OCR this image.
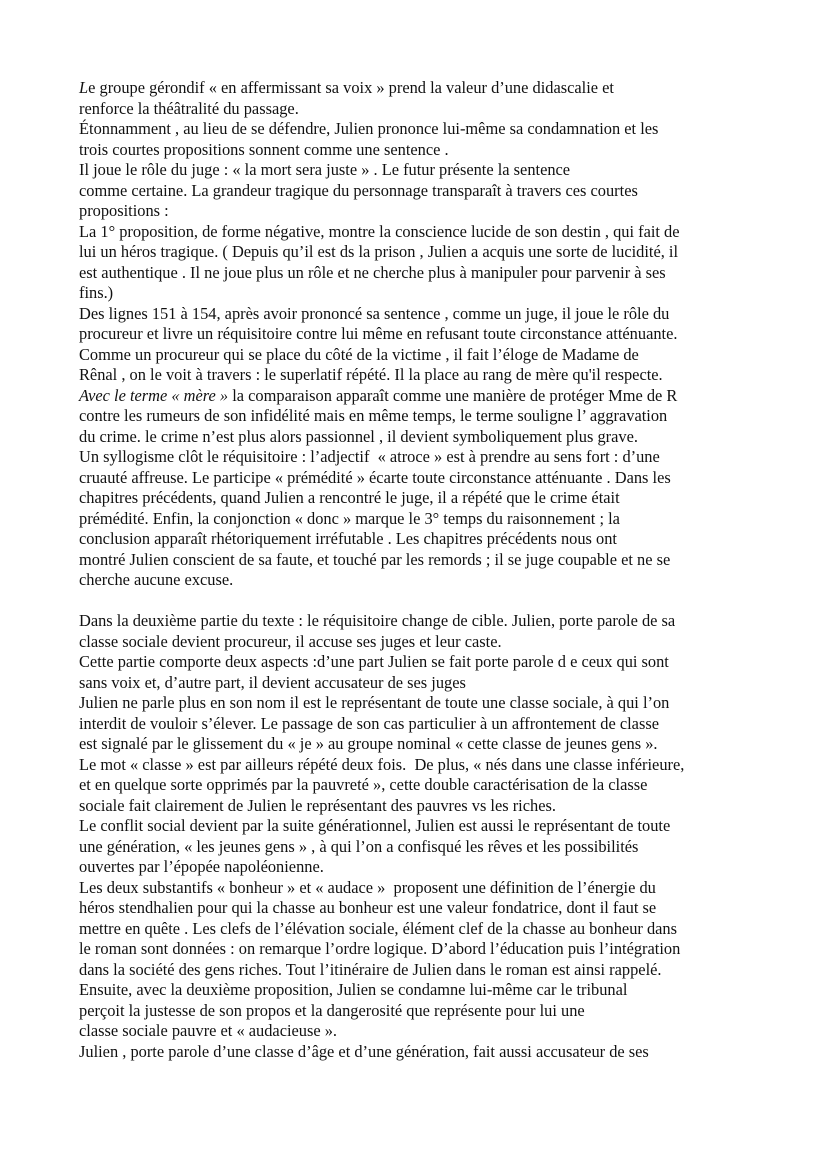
Le groupe gérondif « en affermissant sa voix » prend la valeur d’une didascalie et

renforce la théâtralité du passage.

Étonnamment , au lieu de se défendre, Julien prononce lui-même sa condamnation et les

trois courtes propositions sonnent comme une sentence .

Il joue le rôle du juge : « la mort sera juste » . Le futur présente la sentence

comme certaine. La grandeur tragique du personnage transparaît à travers ces courtes

propositions :

La 1° proposition, de forme négative, montre la conscience lucide de son destin , qui fait de

lui un héros tragique. ( Depuis qu’il est ds la prison , Julien a acquis une sorte de lucidité, il

est authentique . Il ne joue plus un rôle et ne cherche plus à manipuler pour parvenir à ses

fins.)

Des lignes 151 à 154, après avoir prononcé sa sentence , comme un juge, il joue le rôle du

procureur et livre un réquisitoire contre lui même en refusant toute circonstance atténuante.

Comme un procureur qui se place du côté de la victime , il fait l’éloge de Madame de

Rênal , on le voit à travers : le superlatif répété. Il la place au rang de mère qu'il respecte.

Avec le terme « mère » la comparaison apparaît comme une manière de protéger Mme de R

contre les rumeurs de son infidélité mais en même temps, le terme souligne l’ aggravation

du crime. le crime n’est plus alors passionnel , il devient symboliquement plus grave.

Un syllogisme clôt le réquisitoire : l’adjectif  « atroce » est à prendre au sens fort : d’une

cruauté affreuse. Le participe « prémédité » écarte toute circonstance atténuante . Dans les

chapitres précédents, quand Julien a rencontré le juge, il a répété que le crime était

prémédité. Enfin, la conjonction « donc » marque le 3° temps du raisonnement ; la

conclusion apparaît rhétoriquement irréfutable . Les chapitres précédents nous ont

montré Julien conscient de sa faute, et touché par les remords ; il se juge coupable et ne se

cherche aucune excuse.

Dans la deuxième partie du texte : le réquisitoire change de cible. Julien, porte parole de sa

classe sociale devient procureur, il accuse ses juges et leur caste.

Cette partie comporte deux aspects :d’une part Julien se fait porte parole d e ceux qui sont

sans voix et, d’autre part, il devient accusateur de ses juges

Julien ne parle plus en son nom il est le représentant de toute une classe sociale, à qui l’on

interdit de vouloir s’élever. Le passage de son cas particulier à un affrontement de classe

est signalé par le glissement du « je » au groupe nominal « cette classe de jeunes gens ».

Le mot « classe » est par ailleurs répété deux fois.  De plus, « nés dans une classe inférieure,

et en quelque sorte opprimés par la pauvreté », cette double caractérisation de la classe

sociale fait clairement de Julien le représentant des pauvres vs les riches.

Le conflit social devient par la suite générationnel, Julien est aussi le représentant de toute

une génération, « les jeunes gens » , à qui l’on a confisqué les rêves et les possibilités

ouvertes par l’épopée napoléonienne.

Les deux substantifs « bonheur » et « audace »  proposent une définition de l’énergie du

héros stendhalien pour qui la chasse au bonheur est une valeur fondatrice, dont il faut se

mettre en quête . Les clefs de l’élévation sociale, élément clef de la chasse au bonheur dans

le roman sont données : on remarque l’ordre logique. D’abord l’éducation puis l’intégration

dans la société des gens riches. Tout l’itinéraire de Julien dans le roman est ainsi rappelé.

Ensuite, avec la deuxième proposition, Julien se condamne lui-même car le tribunal

perçoit la justesse de son propos et la dangerosité que représente pour lui une

classe sociale pauvre et « audacieuse ».

Julien , porte parole d’une classe d’âge et d’une génération, fait aussi accusateur de ses
